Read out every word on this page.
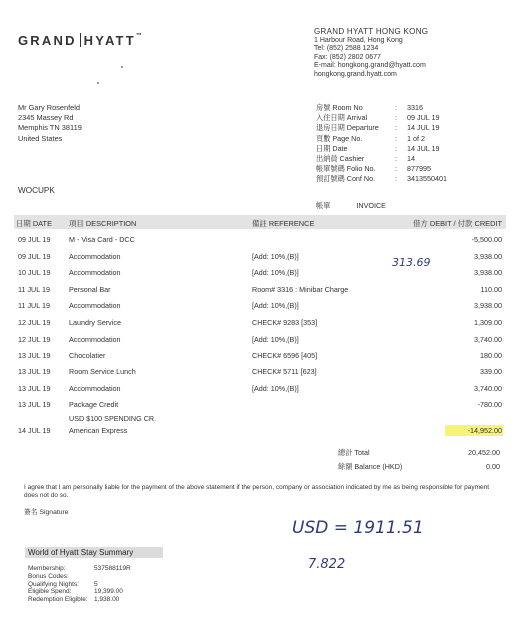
GRAND HYATT™	GRAND HYATT HONG KONG
1 Harbour Road, Hong Kong
Tel: (852) 2588 1234
Fax: (852) 2802 0677
E-mail: hongkong.grand@hyatt.com
hongkong.grand.hyatt.com
Mr Gary Rosenfeld
2345 Massey Rd
Memphis TN 38119
United States
WOCUPK
房號 Room No	: 3316
入住日期 Arrival	: 09 JUL 19
退房日期 Departure : 14 JUL 19
頁數 Page No.	: 1 of 2
日期 Date	: 14 JUL 19
出納員 Cashier	: 14
帳單號碼 Folio No.	: 877995
預訂號碼 Conf No.	: 3413550401
帳單	INVOICE
日期 DATE 項目 DESCRIPTION	備註 REFERENCE	借方 DEBIT / 付款 CREDIT
09 JUL 19	M - Visa Card - DCC	-5,500.00
09 JUL 19	Accommodation	[Add: 10%,(B)]	3,938.00
10 JUL 19	Accommodation	[Add: 10%,(B)]	3,938.00
11 JUL 19	Personal Bar	Room# 3316 : Minibar Charge	110.00
11 JUL 19	Accommodation	[Add: 10%,(B)]	3,938.00
12 JUL 19	Laundry Service	CHECK# 9283 [353]	1,309.00
12 JUL 19	Accommodation	[Add: 10%,(B)]	3,740.00
13 JUL 19	Chocolatier	CHECK# 6596 [405]	180.00
13 JUL 19	Room Service Lunch	CHECK# 5711 [623]	339.00
13 JUL 19	Accommodation	[Add: 10%,(B)]	3,740.00
13 JUL 19	Package Credit	-780.00
USD $100 SPENDING CR.
14 JUL 19	American Express	-14,952.00
313.69
總計 Total	20,452.00
餘額 Balance (HKD)	0.00
I agree that I am personally liable for the payment of the above statement if the person, company or association indicated by me as being responsible for payment does not do so.
簽名 Signature
USD = 1911.51
7.822
World of Hyatt Stay Summary
Membership:	537588119R
Bonus Codes:
Qualifying Nights: 5
Eligible Spend:	19,399.00
Redemption Eligible: 1,938.00
